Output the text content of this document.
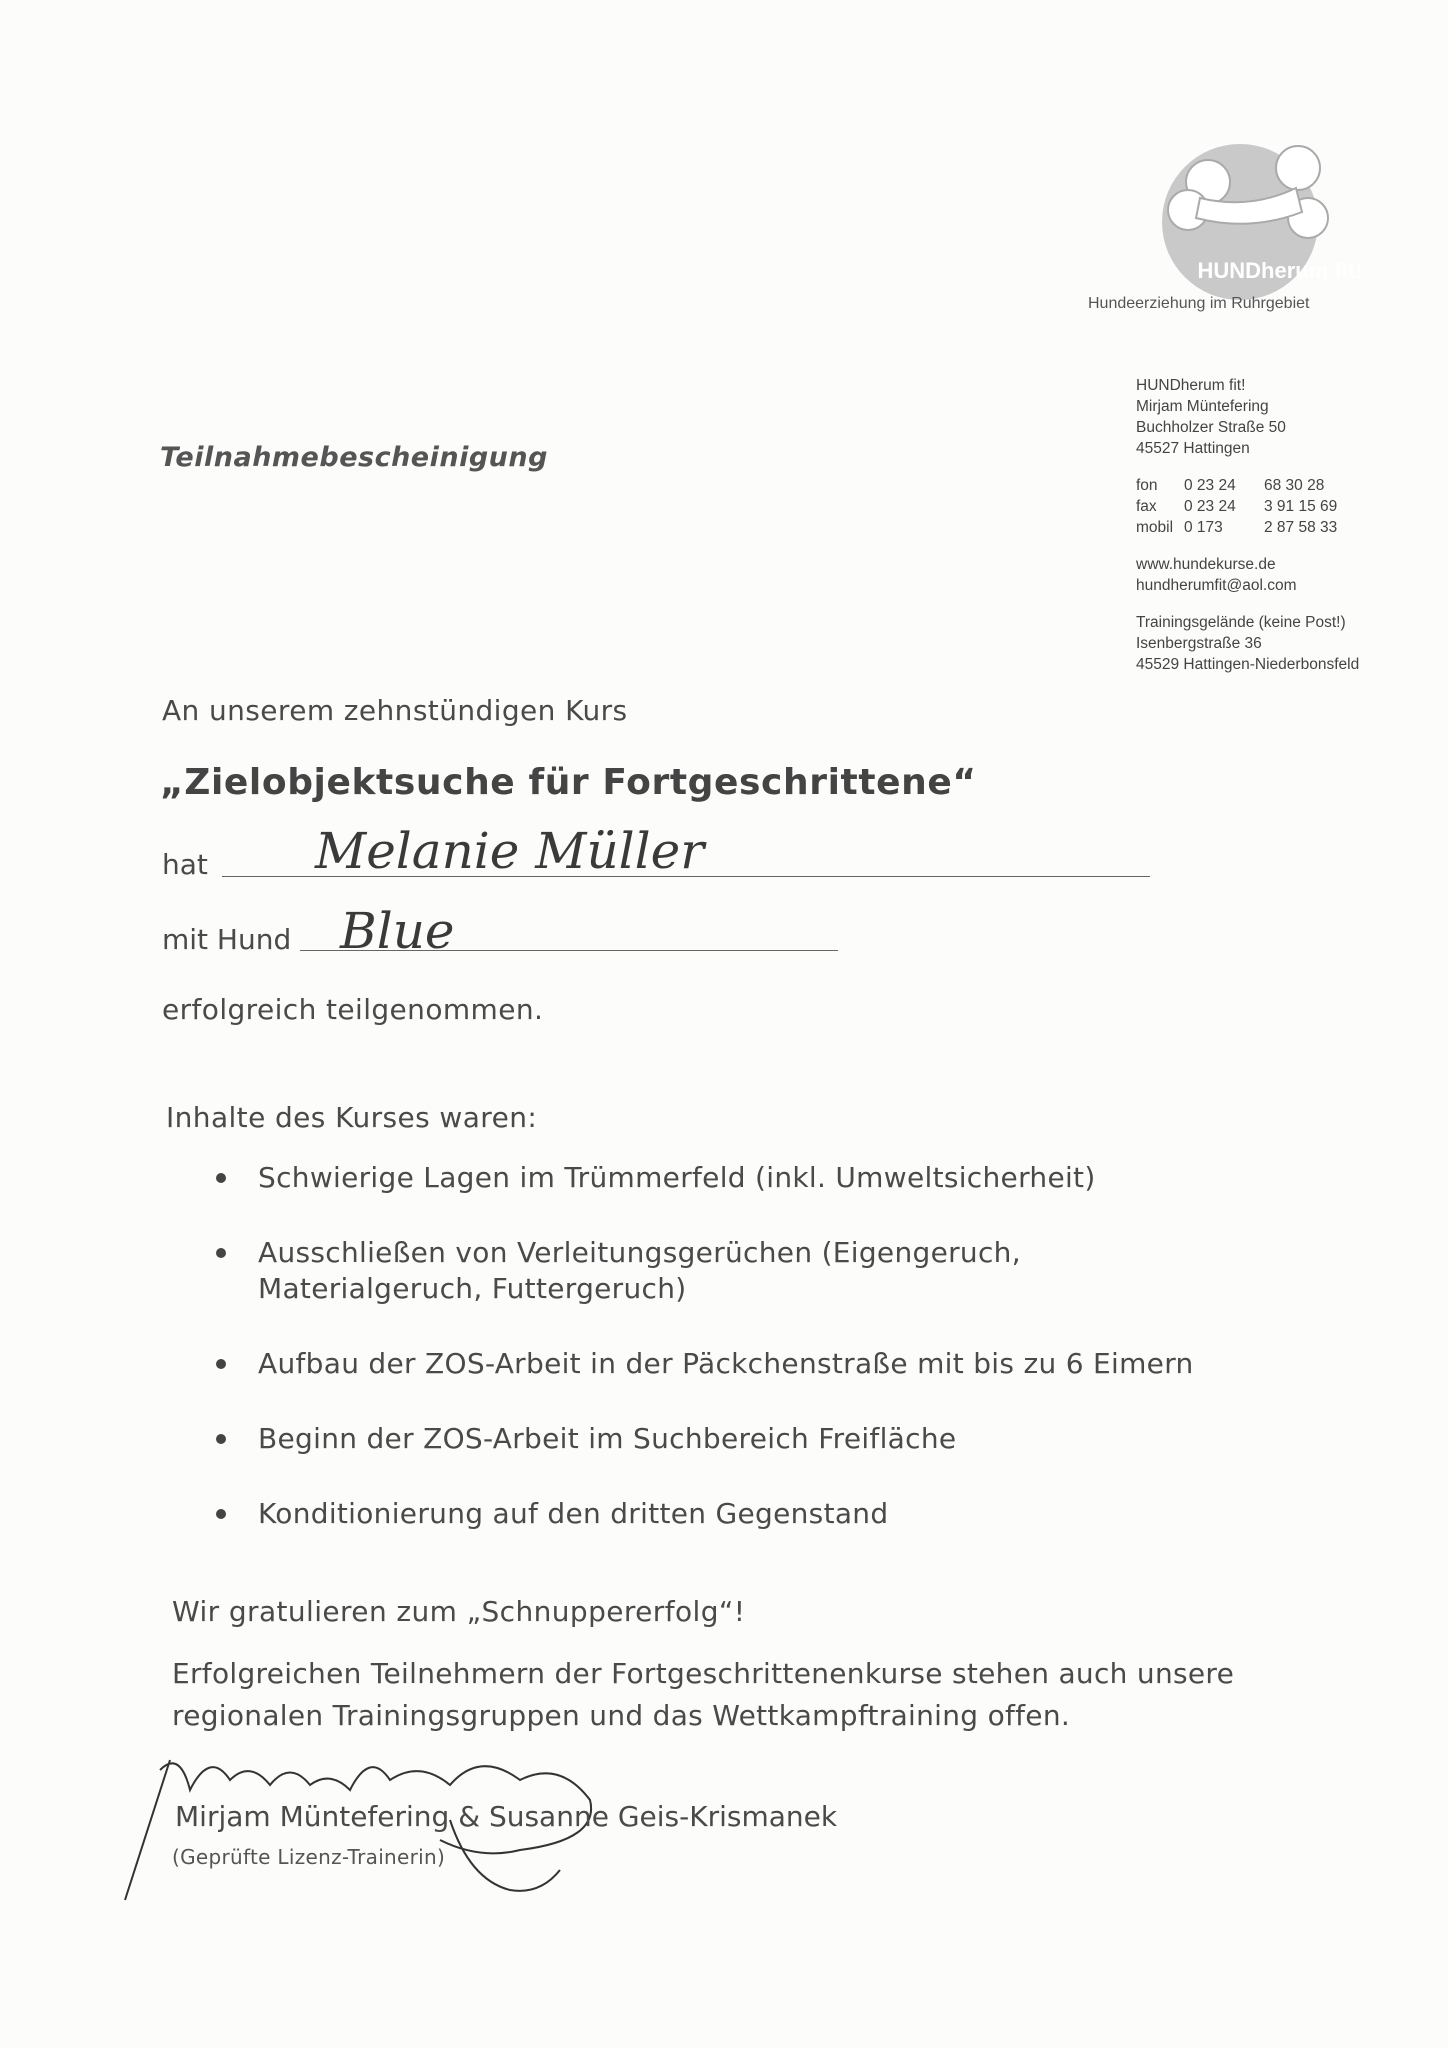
HUNDherum fit!
Hundeerziehung im Ruhrgebiet
HUNDherum fit!
Mirjam Müntefering
Buchholzer Straße 50
45527 Hattingen
fon	0 23 24	68 30 28
fax	0 23 24	3 91 15 69
mobil 0 173	2 87 58 33
www.hundekurse.de
hundherumfit@aol.com
Trainingsgelände (keine Post!)
Isenbergstraße 36
45529 Hattingen-Niederbonsfeld
Teilnahmebescheinigung
An unserem zehnstündigen Kurs
„Zielobjektsuche für Fortgeschrittene“
hat Melanie Müller
mit Hund Blue
erfolgreich teilgenommen.
Inhalte des Kurses waren:
Schwierige Lagen im Trümmerfeld (inkl. Umweltsicherheit)
Ausschließen von Verleitungsgerüchen (Eigengeruch, Materialgeruch, Futtergeruch)
Aufbau der ZOS-Arbeit in der Päckchenstraße mit bis zu 6 Eimern
Beginn der ZOS-Arbeit im Suchbereich Freifläche
Konditionierung auf den dritten Gegenstand
Wir gratulieren zum „Schnuppererfolg“!
Erfolgreichen Teilnehmern der Fortgeschrittenenkurse stehen auch unsere regionalen Trainingsgruppen und das Wettkampftraining offen.
Mirjam Müntefering & Susanne Geis-Krismanek
(Geprüfte Lizenz-Trainerin)
